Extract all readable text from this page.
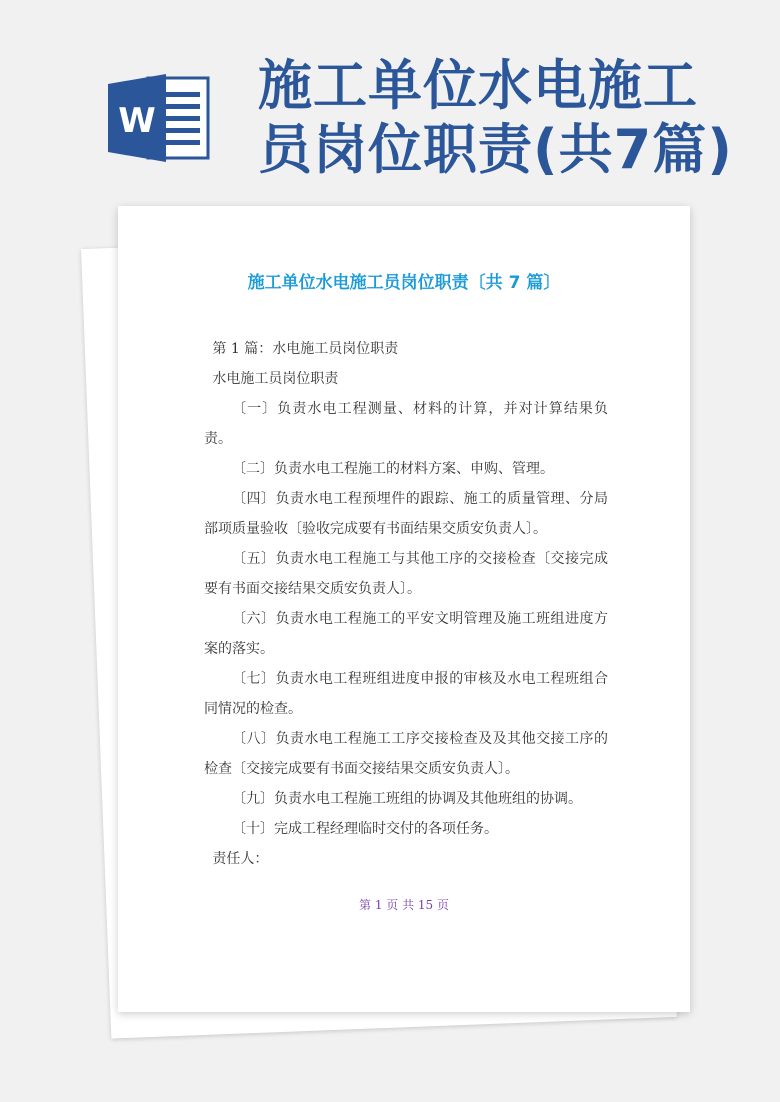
W
施工单位水电施工
员岗位职责(共7篇)
施工单位水电施工员岗位职责〔共 7 篇〕

第 1 篇：水电施工员岗位职责

水电施工员岗位职责

〔一〕负责水电工程测量、材料的计算，并对计算结果负责。

〔二〕负责水电工程施工的材料方案、申购、管理。

〔四〕负责水电工程预埋件的跟踪、施工的质量管理、分局部项质量验收〔验收完成要有书面结果交质安负责人〕。

〔五〕负责水电工程施工与其他工序的交接检查〔交接完成要有书面交接结果交质安负责人〕。

〔六〕负责水电工程施工的平安文明管理及施工班组进度方案的落实。

〔七〕负责水电工程班组进度申报的审核及水电工程班组合同情况的检查。

〔八〕负责水电工程施工工序交接检查及及其他交接工序的检查〔交接完成要有书面交接结果交质安负责人〕。

〔九〕负责水电工程施工班组的协调及其他班组的协调。

〔十〕完成工程经理临时交付的各项任务。

责任人：

第 1 页 共 15 页
